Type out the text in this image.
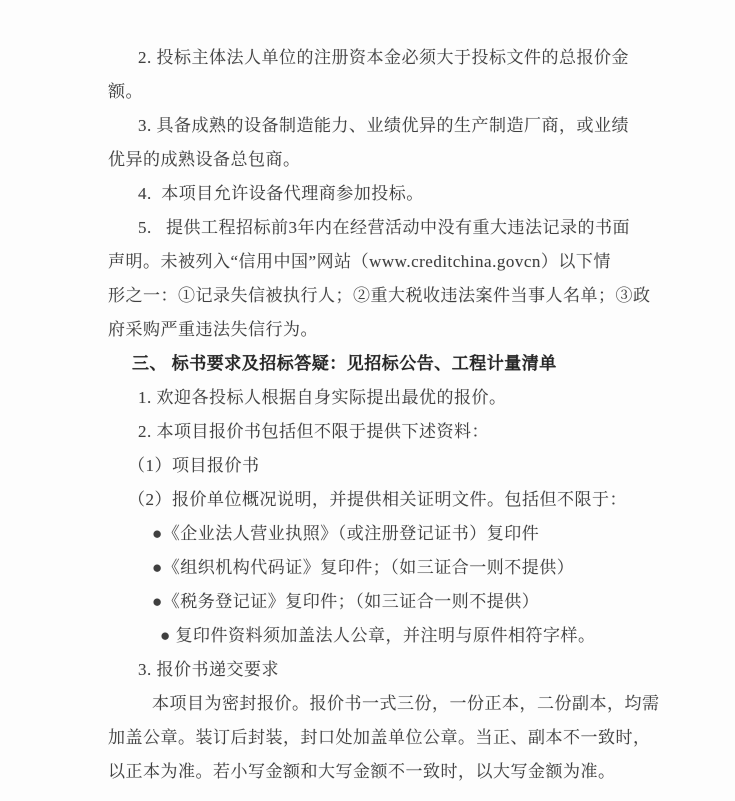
2. 投标主体法人单位的注册资本金必须大于投标文件的总报价金
额。
3. 具备成熟的设备制造能力、业绩优异的生产制造厂商，或业绩
优异的成熟设备总包商。
4.  本项目允许设备代理商参加投标。
5.   提供工程招标前3年内在经营活动中没有重大违法记录的书面
声明。未被列入“信用中国”网站（www.creditchina.govcn）以下情
形之一：①记录失信被执行人；②重大税收违法案件当事人名单；③政
府采购严重违法失信行为。
三、 标书要求及招标答疑：见招标公告、工程计量清单
1. 欢迎各投标人根据自身实际提出最优的报价。
2. 本项目报价书包括但不限于提供下述资料：
（1）项目报价书
（2）报价单位概况说明，并提供相关证明文件。包括但不限于：
●《企业法人营业执照》（或注册登记证书）复印件
●《组织机构代码证》复印件；（如三证合一则不提供）
●《税务登记证》复印件；（如三证合一则不提供）
● 复印件资料须加盖法人公章，并注明与原件相符字样。
3. 报价书递交要求
本项目为密封报价。报价书一式三份，一份正本，二份副本，均需
加盖公章。装订后封装，封口处加盖单位公章。当正、副本不一致时，
以正本为准。若小写金额和大写金额不一致时，以大写金额为准。
